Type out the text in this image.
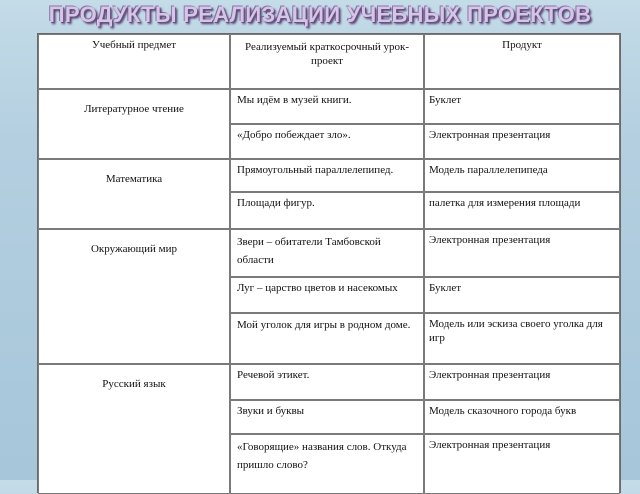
ПРОДУКТЫ РЕАЛИЗАЦИИ УЧЕБНЫХ ПРОЕКТОВ
Учебный предмет	Реализуемый краткосрочный урок-проект
Продукт
Литературное чтение
Математика
Окружающий мир
Русский язык
Мы идём в музей книги.
«Добро побеждает зло».
Прямоугольный параллелепипед.
Площади фигур.
Звери – обитатели Тамбовской области
Луг – царство цветов и насекомых
Мой уголок для игры в родном доме.
Речевой этикет.
Звуки и буквы
«Говорящие» названия слов. Откуда пришло слово?
Буклет
Электронная презентация
Модель параллелепипеда
палетка для измерения площади
Электронная презентация
Буклет
Модель или эскиза своего уголка для игр
Электронная презентация
Модель сказочного города букв
Электронная презентация
